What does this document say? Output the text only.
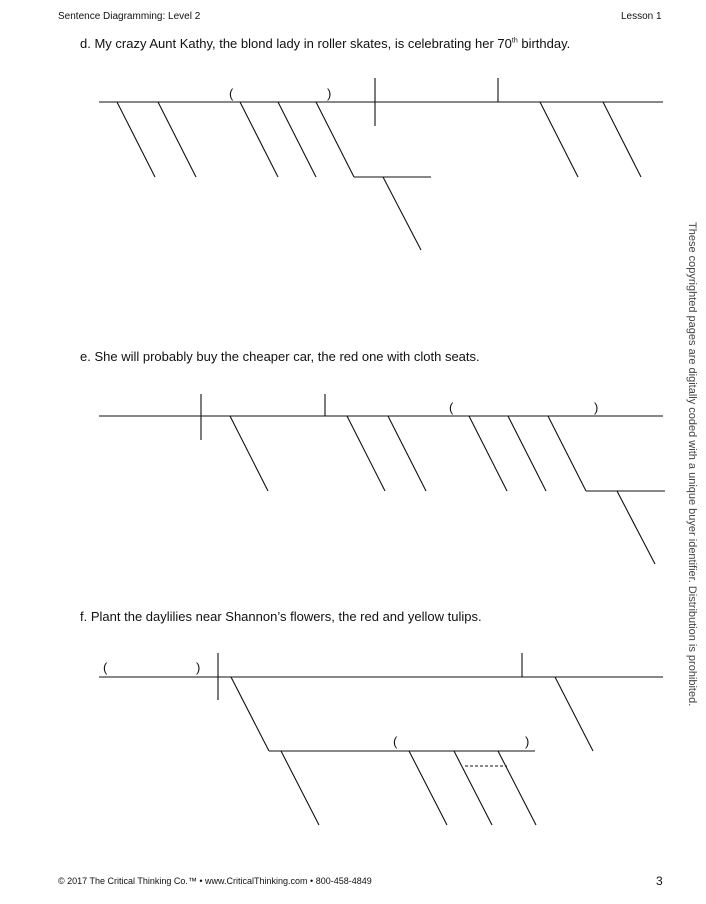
Sentence Diagramming: Level 2	Lesson 1
d. My crazy Aunt Kathy, the blond lady in roller skates, is celebrating her 70th birthday.
(	)
e. She will probably buy the cheaper car, the red one with cloth seats.
(	)
f. Plant the daylilies near Shannon’s flowers, the red and yellow tulips.
(	)
(	)
These copyrighted pages are digitally coded with a unique buyer identifier. Distribution is prohibited.
© 2017 The Critical Thinking Co.™ • www.CriticalThinking.com • 800-458-4849	3
